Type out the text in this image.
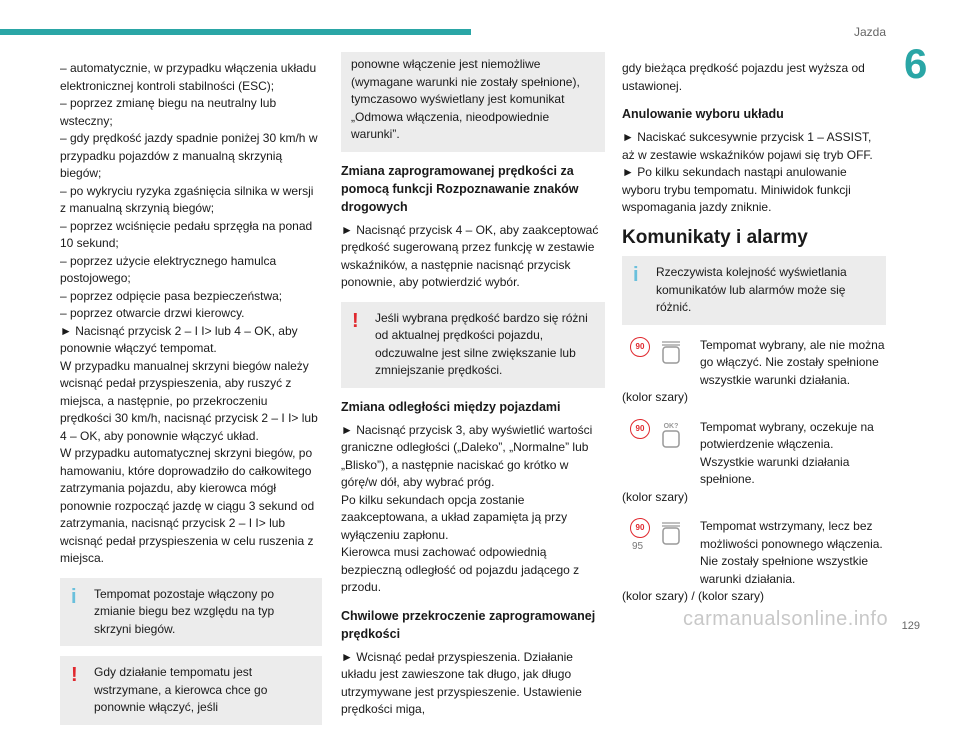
Jazda
6

– automatycznie, w przypadku włączenia układu elektronicznej kontroli stabilności (ESC);

– poprzez zmianę biegu na neutralny lub wsteczny;

– gdy prędkość jazdy spadnie poniżej 30 km/h w przypadku pojazdów z manualną skrzynią biegów;

– po wykryciu ryzyka zgaśnięcia silnika w wersji z manualną skrzynią biegów;

– poprzez wciśnięcie pedału sprzęgła na ponad 10 sekund;

– poprzez użycie elektrycznego hamulca postojowego;

– poprzez odpięcie pasa bezpieczeństwa;

– poprzez otwarcie drzwi kierowcy.

► Nacisnąć przycisk 2 – I I> lub 4 – OK, aby ponownie włączyć tempomat.

W przypadku manualnej skrzyni biegów należy wcisnąć pedał przyspieszenia, aby ruszyć z miejsca, a następnie, po przekroczeniu prędkości 30 km/h, nacisnąć przycisk 2 – I I> lub 4 – OK, aby ponownie włączyć układ.

W przypadku automatycznej skrzyni biegów, po hamowaniu, które doprowadziło do całkowitego zatrzymania pojazdu, aby kierowca mógł ponownie rozpocząć jazdę w ciągu 3 sekund od zatrzymania, nacisnąć przycisk 2 – I I> lub wcisnąć pedał przyspieszenia w celu ruszenia z miejsca.

i Tempomat pozostaje włączony po zmianie biegu bez względu na typ skrzyni biegów.

! Gdy działanie tempomatu jest wstrzymane, a kierowca chce go ponownie włączyć, jeśli

ponowne włączenie jest niemożliwe (wymagane warunki nie zostały spełnione), tymczasowo wyświetlany jest komunikat „Odmowa włączenia, nieodpowiednie warunki”.

Zmiana zaprogramowanej prędkości za pomocą funkcji Rozpoznawanie znaków drogowych

► Nacisnąć przycisk 4 – OK, aby zaakceptować prędkość sugerowaną przez funkcję w zestawie wskaźników, a następnie nacisnąć przycisk ponownie, aby potwierdzić wybór.

! Jeśli wybrana prędkość bardzo się różni od aktualnej prędkości pojazdu, odczuwalne jest silne zwiększanie lub zmniejszanie prędkości.

Zmiana odległości między pojazdami

► Nacisnąć przycisk 3, aby wyświetlić wartości graniczne odległości („Daleko”, „Normalne” lub „Blisko”), a następnie naciskać go krótko w górę/w dół, aby wybrać próg.

Po kilku sekundach opcja zostanie zaakceptowana, a układ zapamięta ją przy wyłączeniu zapłonu.

Kierowca musi zachować odpowiednią bezpieczną odległość od pojazdu jadącego z przodu.

Chwilowe przekroczenie zaprogramowanej prędkości

► Wcisnąć pedał przyspieszenia. Działanie układu jest zawieszone tak długo, jak długo utrzymywane jest przyspieszenie. Ustawienie prędkości miga,

gdy bieżąca prędkość pojazdu jest wyższa od ustawionej.

Anulowanie wyboru układu

► Naciskać sukcesywnie przycisk 1 – ASSIST, aż w zestawie wskaźników pojawi się tryb OFF.

► Po kilku sekundach nastąpi anulowanie wyboru trybu tempomatu. Miniwidok funkcji wspomagania jazdy zniknie.

Komunikaty i alarmy
i Rzeczywista kolejność wyświetlania komunikatów lub alarmów może się różnić.

90	Tempomat wybrany, ale nie można go włączyć. Nie zostały spełnione wszystkie warunki działania.

(kolor szary)

90	OK? Tempomat wybrany, oczekuje na potwierdzenie włączenia. Wszystkie warunki działania spełnione.

(kolor szary)

90
95

Tempomat wstrzymany, lecz bez możliwości ponownego włączenia. Nie zostały spełnione wszystkie warunki działania.

(kolor szary) / (kolor szary)

carmanualsonline.info 129
